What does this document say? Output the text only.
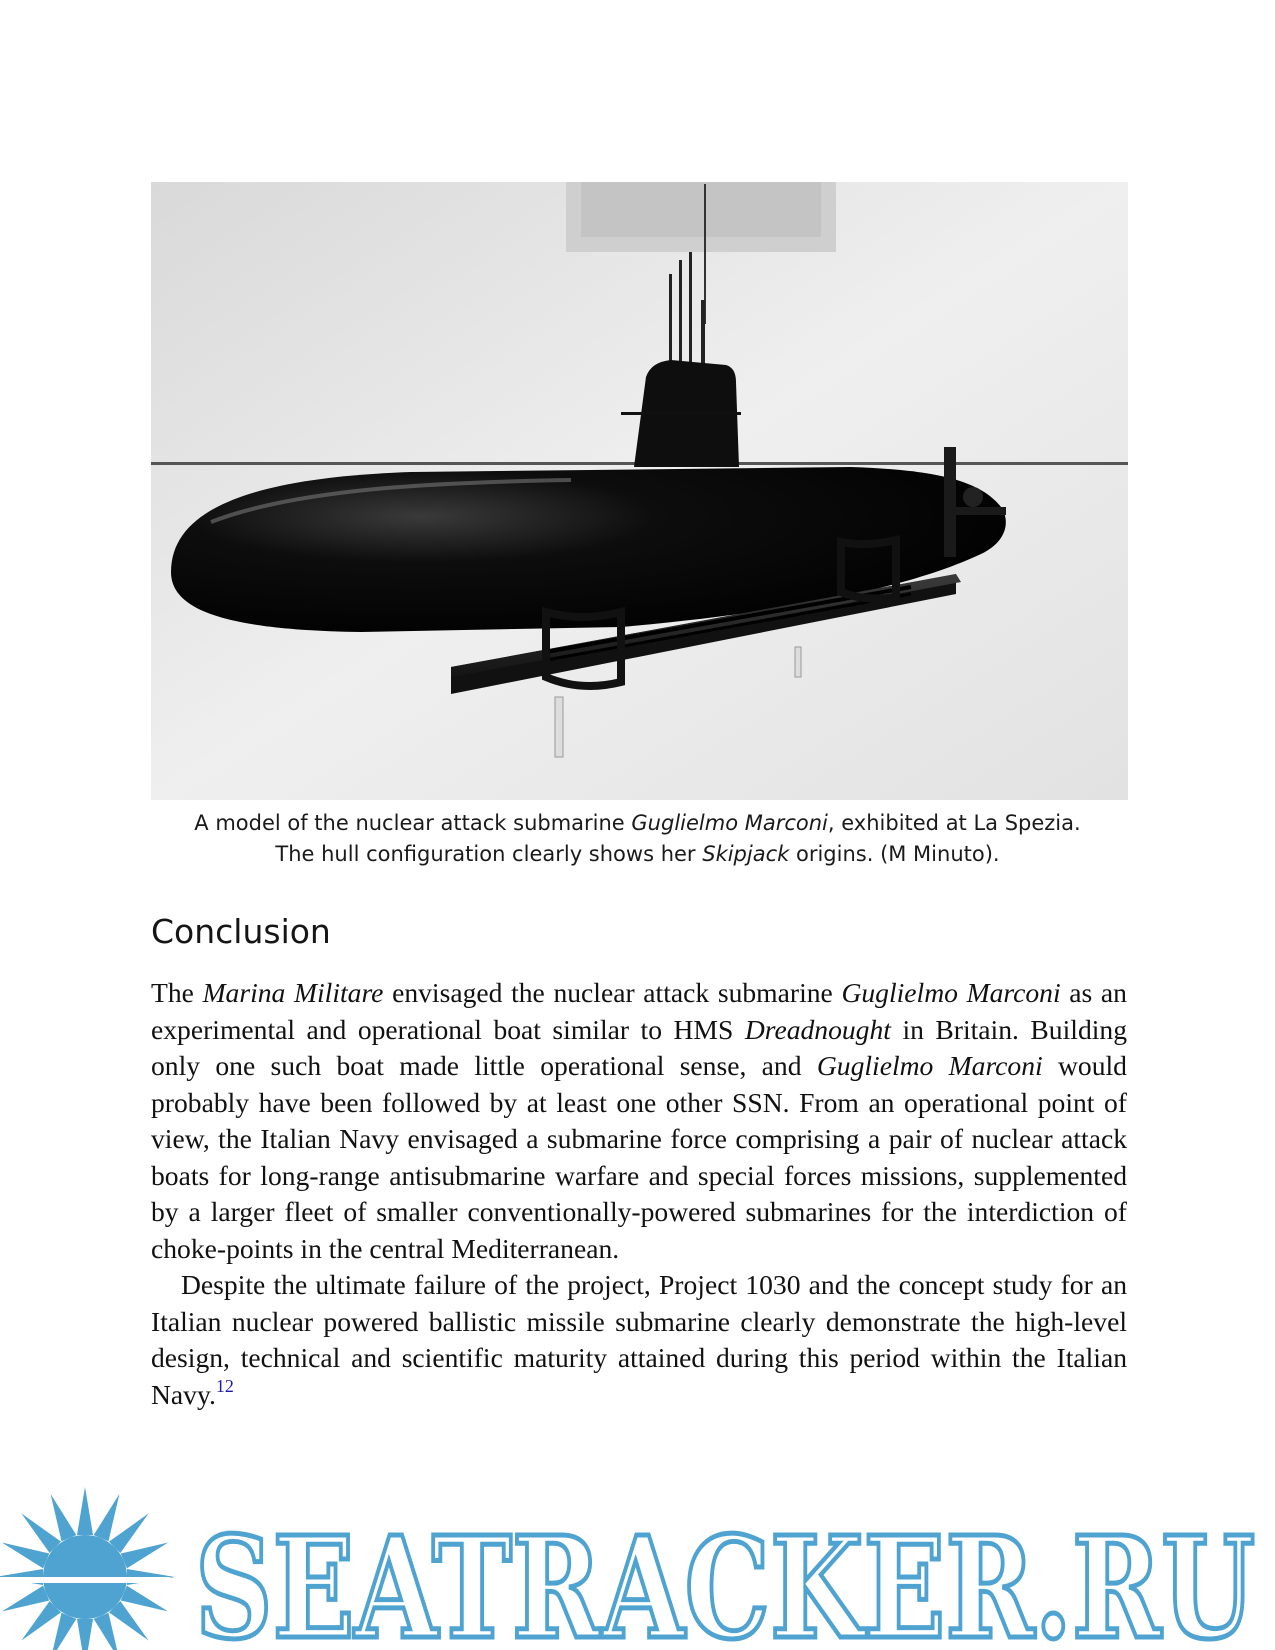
A model of the nuclear attack submarine Guglielmo Marconi, exhibited at La Spezia.
The hull configuration clearly shows her Skipjack origins. (M Minuto).
Conclusion

The Marina Militare envisaged the nuclear attack submarine Guglielmo Marconi as an experimental and operational boat similar to HMS Dreadnought in Britain. Building only one such boat made little operational sense, and Guglielmo Marconi would probably have been followed by at least one other SSN. From an operational point of view, the Italian Navy envisaged a submarine force comprising a pair of nuclear attack boats for long-range antisubmarine warfare and special forces missions, supplemented by a larger fleet of smaller conventionally-powered submarines for the interdiction of choke-points in the central Mediterranean.

Despite the ultimate failure of the project, Project 1030 and the concept study for an Italian nuclear powered ballistic missile submarine clearly demonstrate the high-level design, technical and scientific maturity attained during this period within the Italian Navy.$^{12}$

SEATRACKER.RU
